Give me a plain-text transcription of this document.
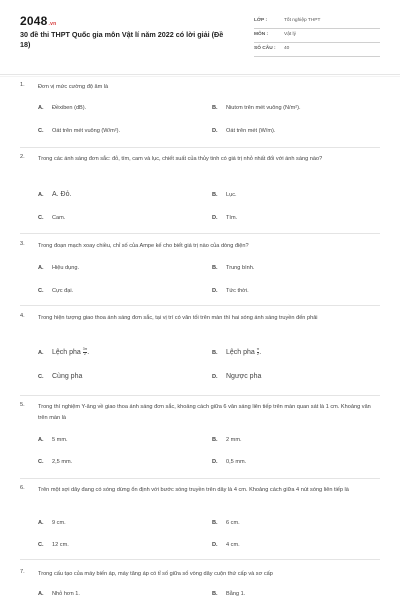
2048.vn
30 đề thi THPT Quốc gia môn Vật lí năm 2022 có lời giải (Đề 18)
LỚP :	Tốt nghiệp THPT
MÔN :	Vật lý
SỐ CÂU : 40
1. Đơn vị mức cường độ âm là
A. Đềxiben (dB).	B. Niutơn trên mét vuông (N/m²).
C. Oát trên mét vuông (W/m²).	D. Oát trên mét (W/m).
2. Trong các ánh sáng đơn sắc: đỏ, tím, cam và lục, chiết suất của thủy tinh có giá trị nhỏ nhất đối với ánh sáng nào?
A. A. Đỏ.	B. Lục.
C. Cam.	D. Tím.
3. Trong đoạn mạch xoay chiều, chỉ số của Ampe kế cho biết giá trị nào của dòng điện?
A. Hiệu dụng.	B. Trung bình.
C. Cực đại.	D. Tức thời.
4. Trong hiện tượng giao thoa ánh sáng đơn sắc, tại vị trí có vân tối trên màn thì hai sóng ánh sáng truyền đến phải
A. Lệch pha $\frac{3\pi}{2}$ .	B. Lệch pha $\frac{\pi}{2}$ .
C. Cùng pha	D. Ngược pha
5. Trong thí nghiệm Y-âng về giao thoa ánh sáng đơn sắc, khoảng cách giữa 6 vân sáng liên tiếp trên màn quan sát là 1 cm. Khoảng vân trên màn là
A. 5 mm.	B. 2 mm.
C. 2,5 mm.	D. 0,5 mm.
6. Trên một sợi dây đang có sóng dừng ổn định với bước sóng truyền trên dây là 4 cm. Khoảng cách giữa 4 nút sóng liên tiếp là
A. 9 cm.	B. 6 cm.
C. 12 cm.	D. 4 cm.
7. Trong cấu tạo của máy biến áp, máy tăng áp có tỉ số giữa số vòng dây cuộn thứ cấp và sơ cấp
A. Nhỏ hơn 1.	B. Bằng 1.
